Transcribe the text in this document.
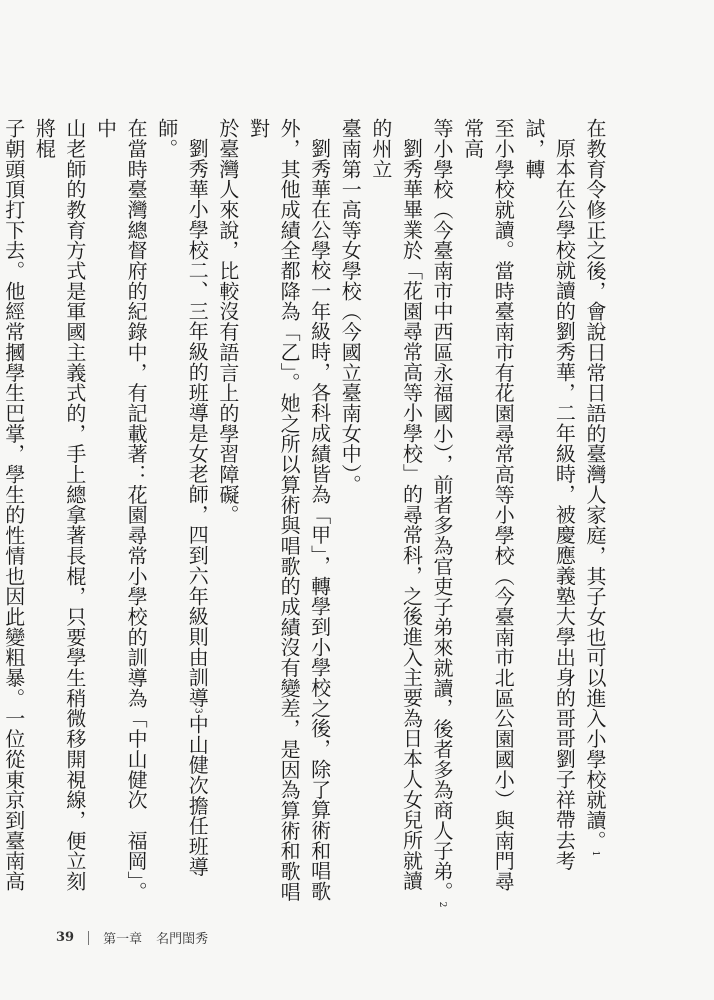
在教育令修正之後，會說日常日語的臺灣人家庭，其子女也可以進入小學校就讀。$^1$
原本在公學校就讀的劉秀華，二年級時，被慶應義塾大學出身的哥哥劉子祥帶去考試，轉
至小學校就讀。當時臺南市有花園尋常高等小學校（今臺南市北區公園國小）與南門尋常高
等小學校（今臺南市中西區永福國小），前者多為官吏子弟來就讀，後者多為商人子弟。$^2$
劉秀華畢業於「花園尋常高等小學校」的尋常科，之後進入主要為日本人女兒所就讀的州立
臺南第一高等女學校（今國立臺南女中）。
劉秀華在公學校一年級時，各科成績皆為「甲」，轉學到小學校之後，除了算術和唱歌
外，其他成績全都降為「乙」。她之所以算術與唱歌的成績沒有變差，是因為算術和歌唱對
於臺灣人來說，比較沒有語言上的學習障礙。
劉秀華小學校二、三年級的班導是女老師，四到六年級則由訓導$^3$中山健次擔任班導師。
在當時臺灣總督府的紀錄中，有記載著：花園尋常小學校的訓導為「中山健次　福岡」。中
山老師的教育方式是軍國主義式的，手上總拿著長棍，只要學生稍微移開視線，便立刻將棍
子朝頭頂打下去。他經常摑學生巴掌，學生的性情也因此變粗暴。一位從東京到臺南高
39 第一章 名門閨秀
